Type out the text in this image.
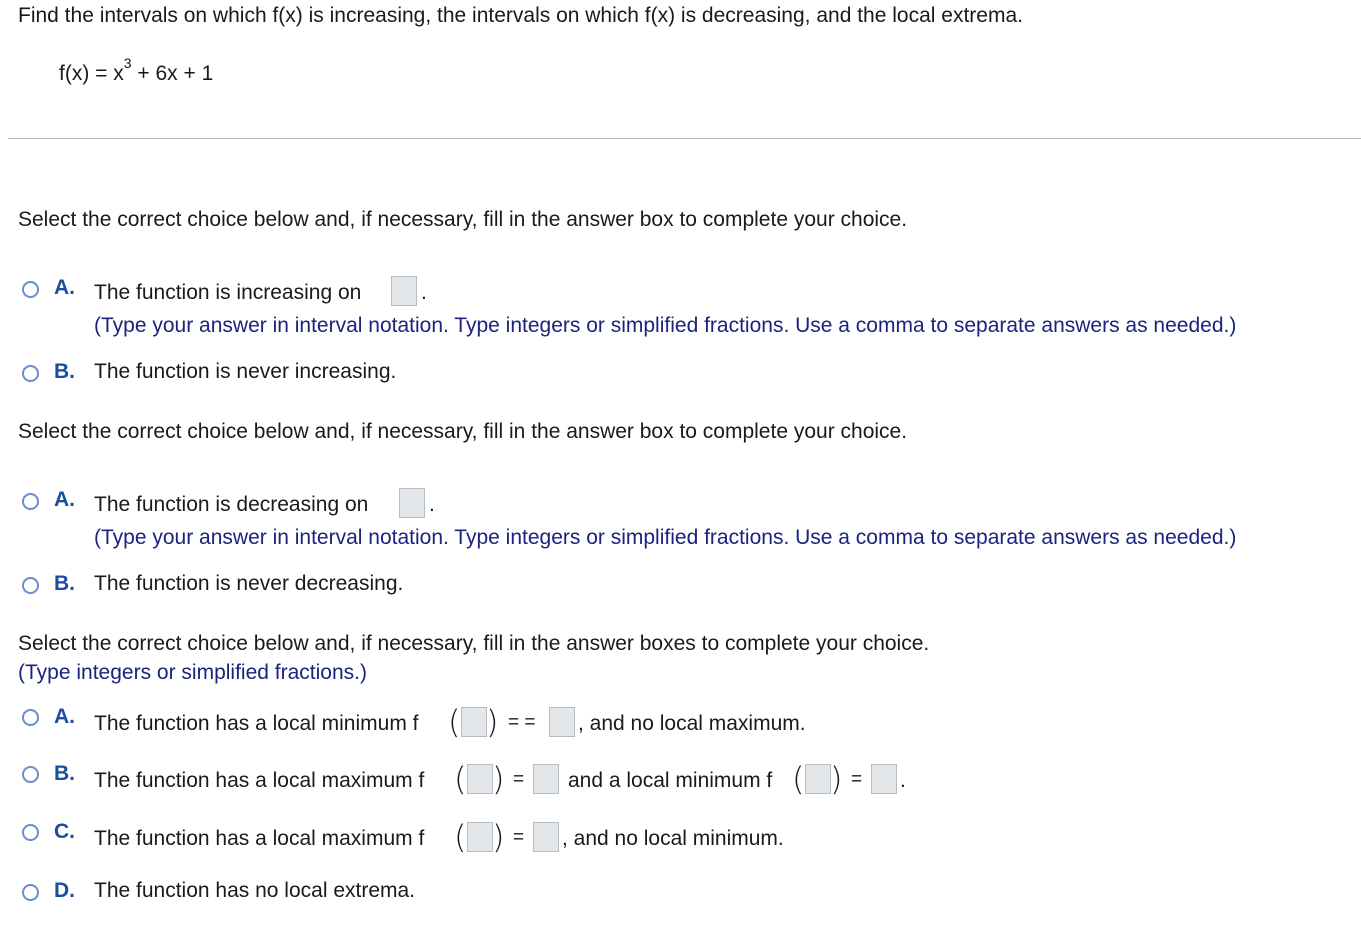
Find the intervals on which f(x) is increasing, the intervals on which f(x) is decreasing, and the local extrema.
$f(x) = x^3 + 6x + 1$
Select the correct choice below and, if necessary, fill in the answer box to complete your choice.
A. The function is increasing on	.
(Type your answer in interval notation. Type integers or simplified fractions. Use a comma to separate answers as needed.)
B. The function is never increasing.
Select the correct choice below and, if necessary, fill in the answer box to complete your choice.
A. The function is decreasing on	.
(Type your answer in interval notation. Type integers or simplified fractions. Use a comma to separate answers as needed.)
B. The function is never decreasing.
Select the correct choice below and, if necessary, fill in the answer boxes to complete your choice.
(Type integers or simplified fractions.)
A. The function has a local minimum f ( ) = = , and no local maximum.
B. The function has a local maximum f ( ) = and a local minimum f ( ) = .
C. The function has a local maximum f ( ) = , and no local minimum.
D. The function has no local extrema.
